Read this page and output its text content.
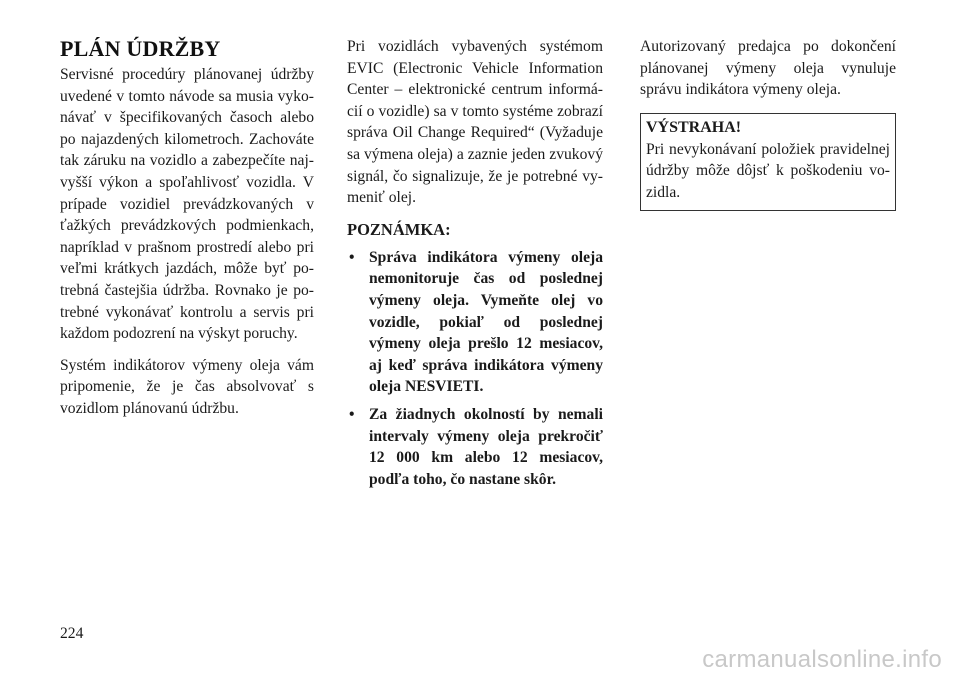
PLÁN ÚDRŽBY

Servisné procedúry plánovanej údržby uvedené v tomto návode sa musia vykonávať v špecifikovaných časoch alebo po najazdených kilometroch. Zachováte tak záruku na vozidlo a zabezpečíte najvyšší výkon a spoľahlivosť vozidla. V prípade vozidiel prevádzkovaných v ťažkých prevádzkových podmienkach, napríklad v prašnom prostredí alebo pri veľmi krátkych jazdách, môže byť potrebná častejšia údržba. Rovnako je potrebné vykonávať kontrolu a servis pri každom podozrení na výskyt poruchy.

Systém indikátorov výmeny oleja vám pripomenie, že je čas absolvovať s vozidlom plánovanú údržbu.

Pri vozidlách vybavených systémom EVIC (Electronic Vehicle Information Center – elektronické centrum informácií o vozidle) sa v tomto systéme zobrazí správa Oil Change Required“ (Vyžaduje sa výmena oleja) a zaznie jeden zvukový signál, čo signalizuje, že je potrebné vymeniť olej.

POZNÁMKA:
• Správa indikátora výmeny oleja nemonitoruje čas od poslednej výmeny oleja. Vymeňte olej vo vozidle, pokiaľ od poslednej výmeny oleja prešlo 12 mesiacov, aj keď správa indikátora výmeny oleja NESVIETI.
• Za žiadnych okolností by nemali intervaly výmeny oleja prekročiť 12 000 km alebo 12 mesiacov, podľa toho, čo nastane skôr.

Autorizovaný predajca po dokončení plánovanej výmeny oleja vynuluje správu indikátora výmeny oleja.

VÝSTRAHA!
Pri nevykonávaní položiek pravidelnej údržby môže dôjsť k poškodeniu vozidla.
224
carmanualsonline.info
